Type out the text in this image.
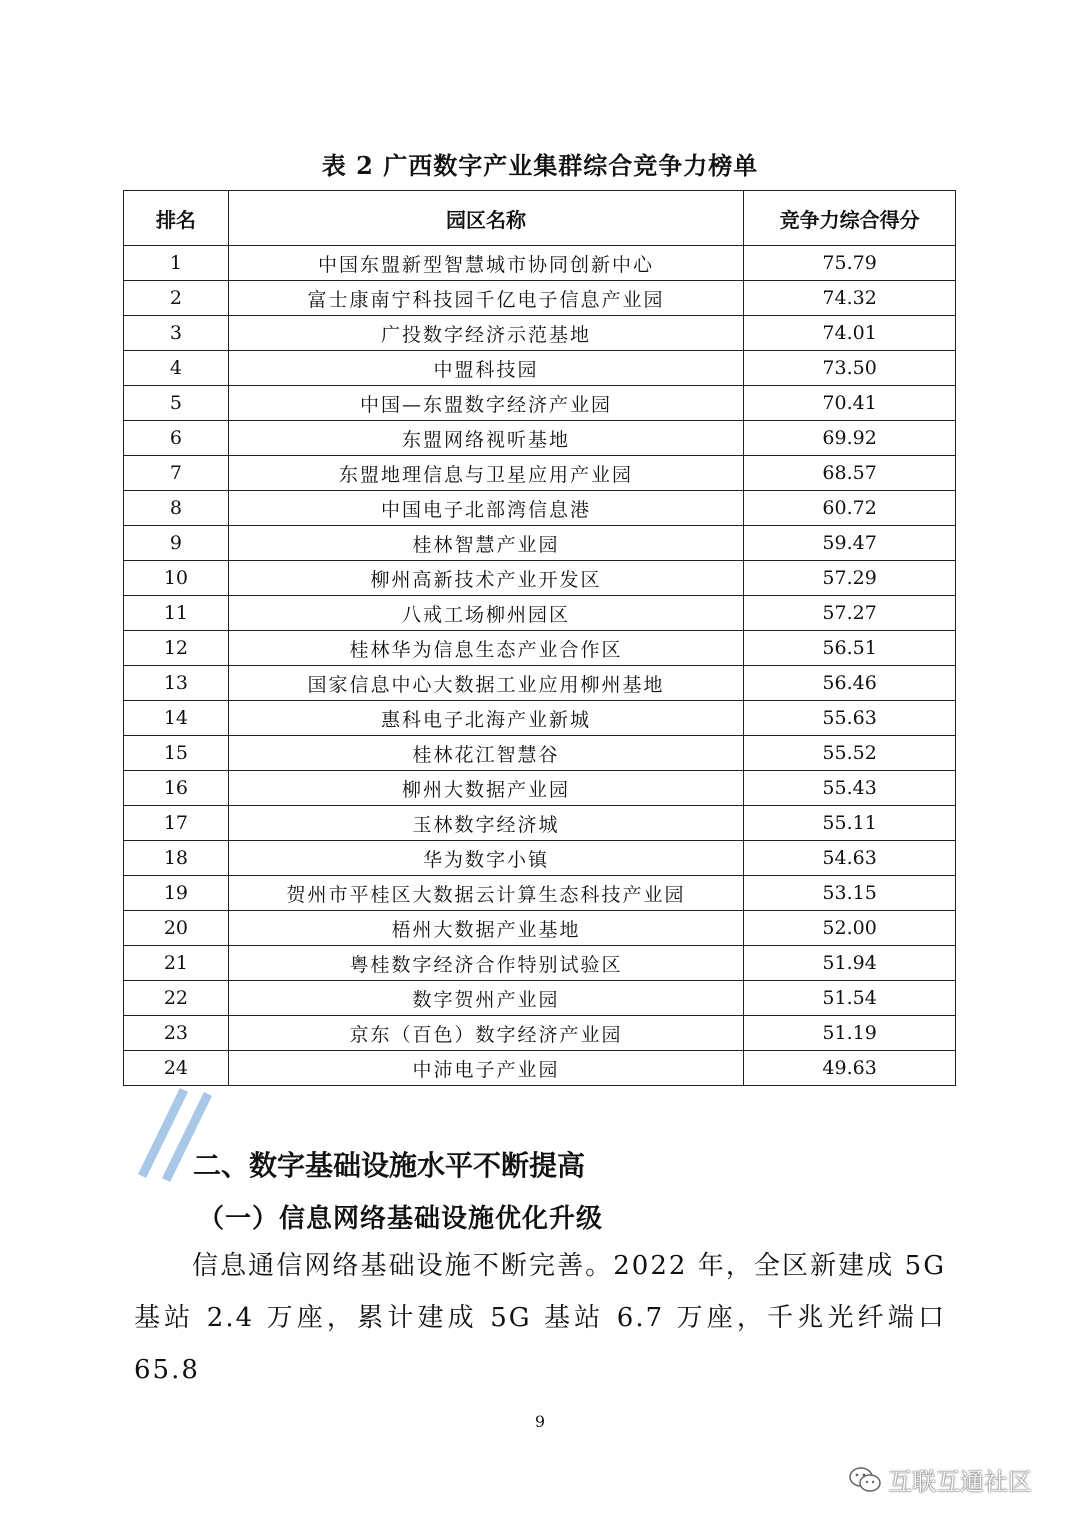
表 2 广西数字产业集群综合竞争力榜单
排名	园区名称	竞争力综合得分
1	中国东盟新型智慧城市协同创新中心	75.79
2	富士康南宁科技园千亿电子信息产业园	74.32
3	广投数字经济示范基地	74.01
4	中盟科技园	73.50
5	中国—东盟数字经济产业园	70.41
6	东盟网络视听基地	69.92
7	东盟地理信息与卫星应用产业园	68.57
8	中国电子北部湾信息港	60.72
9	桂林智慧产业园	59.47
10	柳州高新技术产业开发区	57.29
11	八戒工场柳州园区	57.27
12	桂林华为信息生态产业合作区	56.51
13	国家信息中心大数据工业应用柳州基地	56.46
14	惠科电子北海产业新城	55.63
15	桂林花江智慧谷	55.52
16	柳州大数据产业园	55.43
17	玉林数字经济城	55.11
18	华为数字小镇	54.63
19	贺州市平桂区大数据云计算生态科技产业园	53.15
20	梧州大数据产业基地	52.00
21	粤桂数字经济合作特别试验区	51.94
22	数字贺州产业园	51.54
23	京东（百色）数字经济产业园	51.19
24	中沛电子产业园	49.63
二、数字基础设施水平不断提高
（一）信息网络基础设施优化升级
信息通信网络基础设施不断完善。2022 年，全区新建成 5G 基站 2.4 万座，累计建成 5G 基站 6.7 万座，千兆光纤端口 65.8
9
互联互通社区
